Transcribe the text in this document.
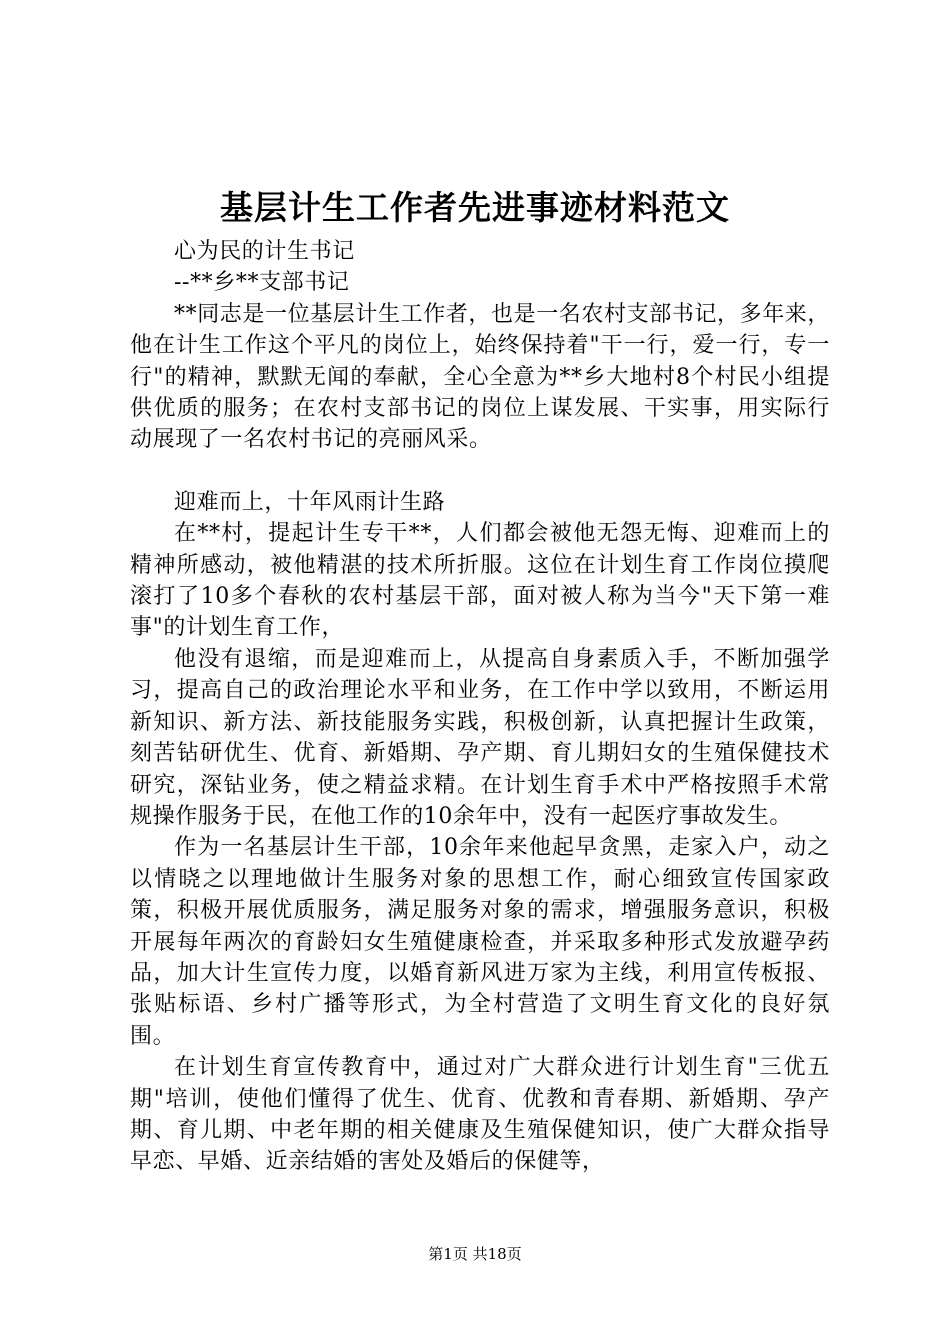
基层计生工作者先进事迹材料范文

心为民的计生书记

--**乡**支部书记

**同志是一位基层计生工作者，也是一名农村支部书记，多年来，他在计生工作这个平凡的岗位上，始终保持着"干一行，爱一行，专一行"的精神，默默无闻的奉献，全心全意为**乡大地村8个村民小组提供优质的服务；在农村支部书记的岗位上谋发展、干实事，用实际行动展现了一名农村书记的亮丽风采。

迎难而上，十年风雨计生路

在**村，提起计生专干**，人们都会被他无怨无悔、迎难而上的精神所感动，被他精湛的技术所折服。这位在计划生育工作岗位摸爬滚打了10多个春秋的农村基层干部，面对被人称为当今"天下第一难事"的计划生育工作，

他没有退缩，而是迎难而上，从提高自身素质入手，不断加强学习，提高自己的政治理论水平和业务，在工作中学以致用，不断运用新知识、新方法、新技能服务实践，积极创新，认真把握计生政策，刻苦钻研优生、优育、新婚期、孕产期、育儿期妇女的生殖保健技术研究，深钻业务，使之精益求精。在计划生育手术中严格按照手术常规操作服务于民，在他工作的10余年中，没有一起医疗事故发生。

作为一名基层计生干部，10余年来他起早贪黑，走家入户，动之以情晓之以理地做计生服务对象的思想工作，耐心细致宣传国家政策，积极开展优质服务，满足服务对象的需求，增强服务意识，积极开展每年两次的育龄妇女生殖健康检查，并采取多种形式发放避孕药品，加大计生宣传力度，以婚育新风进万家为主线，利用宣传板报、张贴标语、乡村广播等形式，为全村营造了文明生育文化的良好氛围。

在计划生育宣传教育中，通过对广大群众进行计划生育"三优五期"培训，使他们懂得了优生、优育、优教和青春期、新婚期、孕产期、育儿期、中老年期的相关健康及生殖保健知识，使广大群众指导早恋、早婚、近亲结婚的害处及婚后的保健等，

第1页 共18页
